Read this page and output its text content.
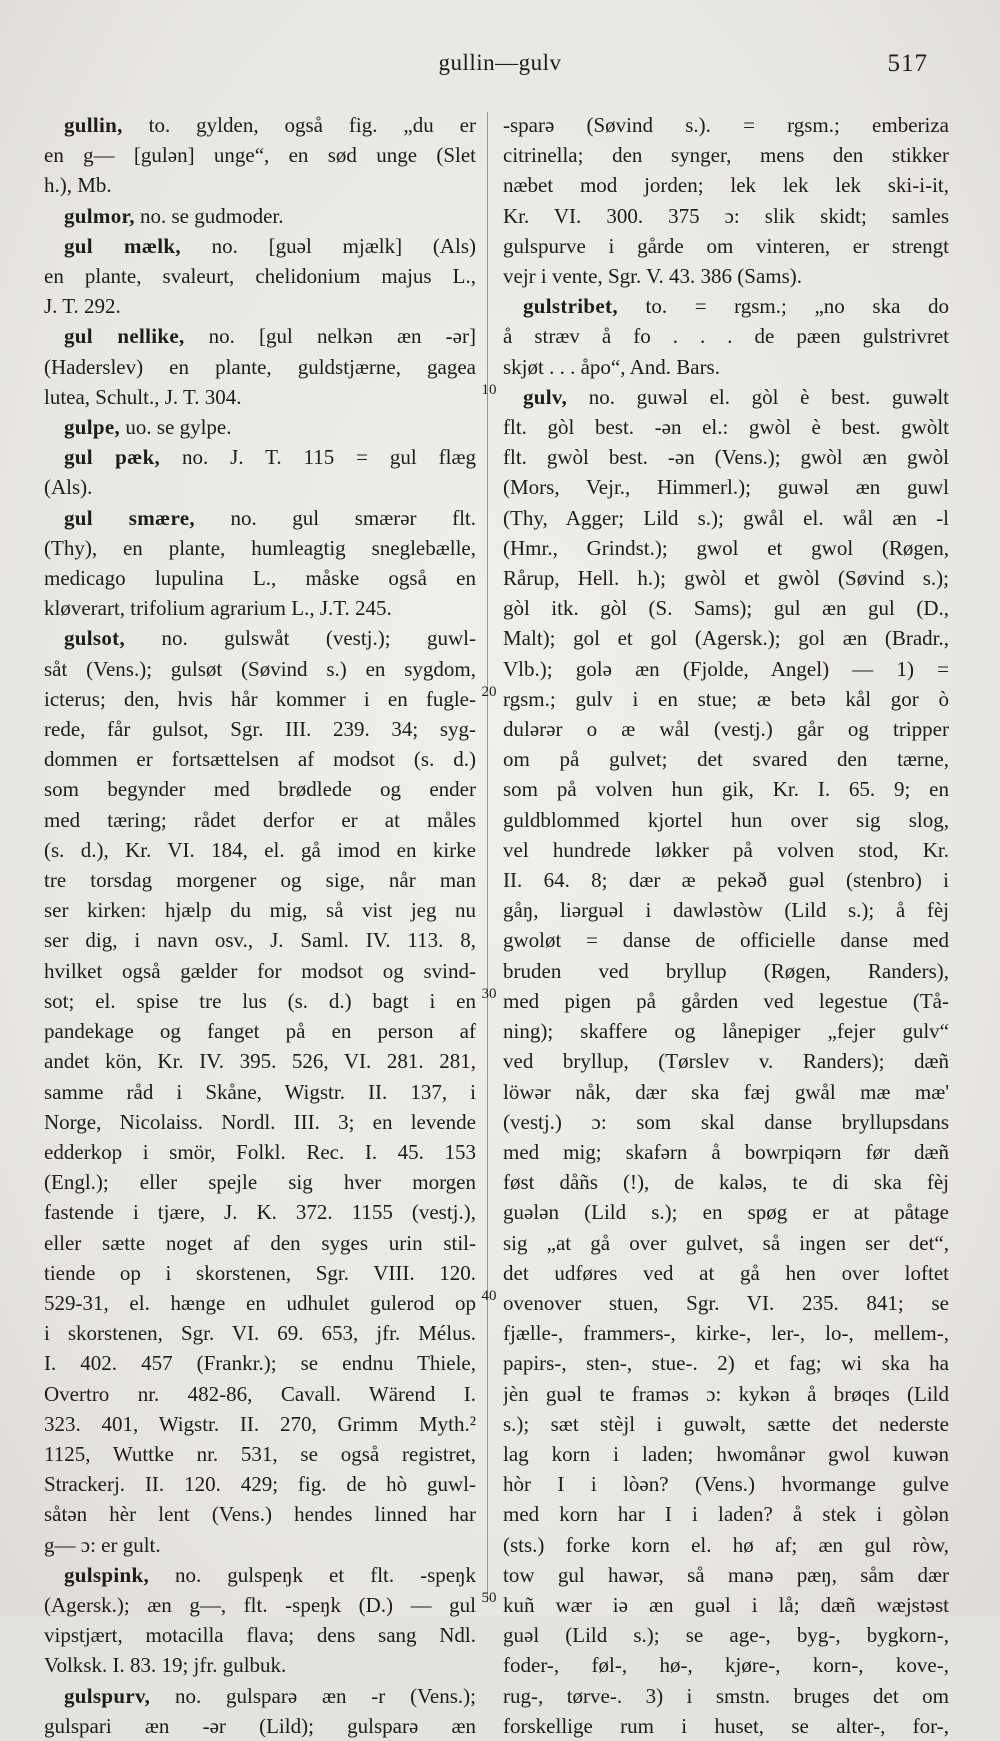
gullin—gulv	517
gullin, to. gylden, også fig. „du er
en g— [gulən] unge“, en sød unge (Slet
h.), Mb.
gulmor, no. se gudmoder.
gul mælk, no. [guəl mjælk] (Als)
en plante, svaleurt, chelidonium majus L.,
J. T. 292.
gul nellike, no. [gul nelkən æn -ər]
(Haderslev) en plante, guldstjærne, gagea
lutea, Schult., J. T. 304.
gulpe, uo. se gylpe.
gul pæk, no. J. T. 115 = gul flæg
(Als).
gul smære, no. gul smærər flt.
(Thy), en plante, humleagtig sneglebælle,
medicago lupulina L., måske også en
kløverart, trifolium agrarium L., J.T. 245.
gulsot, no. gulswåt (vestj.); guwl-
såt (Vens.); gulsøt (Søvind s.) en sygdom,
icterus; den, hvis hår kommer i en fugle-
rede, får gulsot, Sgr. III. 239. 34; syg-
dommen er fortsættelsen af modsot (s. d.)
som begynder med brødlede og ender
med tæring; rådet derfor er at måles
(s. d.), Kr. VI. 184, el. gå imod en kirke
tre torsdag morgener og sige, når man
ser kirken: hjælp du mig, så vist jeg nu
ser dig, i navn osv., J. Saml. IV. 113. 8,
hvilket også gælder for modsot og svind-
sot; el. spise tre lus (s. d.) bagt i en
pandekage og fanget på en person af
andet kön, Kr. IV. 395. 526, VI. 281. 281,
samme råd i Skåne, Wigstr. II. 137, i
Norge, Nicolaiss. Nordl. III. 3; en levende
edderkop i smör, Folkl. Rec. I. 45. 153
(Engl.); eller spejle sig hver morgen
fastende i tjære, J. K. 372. 1155 (vestj.),
eller sætte noget af den syges urin stil-
tiende op i skorstenen, Sgr. VIII. 120.
529-31, el. hænge en udhulet gulerod op
i skorstenen, Sgr. VI. 69. 653, jfr. Mélus.
I. 402. 457 (Frankr.); se endnu Thiele,
Overtro nr. 482-86, Cavall. Wärend I.
323. 401, Wigstr. II. 270, Grimm Myth.²
1125, Wuttke nr. 531, se også registret,
Strackerj. II. 120. 429; fig. de hò guwl-
såtən hèr lent (Vens.) hendes linned har
g— ɔ: er gult.
gulspink, no. gulspeŋk et flt. -speŋk
(Agersk.); æn g—, flt. -speŋk (D.) — gul
vipstjært, motacilla flava; dens sang Ndl.
Volksk. I. 83. 19; jfr. gulbuk.
gulspurv, no. gulsparə æn -r (Vens.);
gulspari æn -ər (Lild); gulsparə æn
-sparə (Søvind s.). = rgsm.; emberiza
citrinella; den synger, mens den stikker
næbet mod jorden; lek lek lek ski-i-it,
Kr. VI. 300. 375 ɔ: slik skidt; samles
gulspurve i gårde om vinteren, er strengt
vejr i vente, Sgr. V. 43. 386 (Sams).
gulstribet, to. = rgsm.; „no ska do
å stræv å fo . . . de pæen gulstrivret
skjøt . . . åpo“, And. Bars.
gulv, no. guwəl el. gòl è best. guwəlt
flt. gòl best. -ən el.: gwòl è best. gwòlt
flt. gwòl best. -ən (Vens.); gwòl æn gwòl
(Mors, Vejr., Himmerl.); guwəl æn guwl
(Thy, Agger; Lild s.); gwål el. wål æn -l
(Hmr., Grindst.); gwol et gwol (Røgen,
Rårup, Hell. h.); gwòl et gwòl (Søvind s.);
gòl itk. gòl (S. Sams); gul æn gul (D.,
Malt); gol et gol (Agersk.); gol æn (Bradr.,
Vlb.); golə æn (Fjolde, Angel) — 1) =
rgsm.; gulv i en stue; æ betə kål gor ò
dulərər o æ wål (vestj.) går og tripper
om på gulvet; det svared den tærne,
som på volven hun gik, Kr. I. 65. 9; en
guldblommed kjortel hun over sig slog,
vel hundrede løkker på volven stod, Kr.
II. 64. 8; dær æ pekəð guəl (stenbro) i
gåŋ, liərguəl i dawləstòw (Lild s.); å fèj
gwoløt = danse de officielle danse med
bruden ved bryllup (Røgen, Randers),
med pigen på gården ved legestue (Tå-
ning); skaffere og lånepiger „fejer gulv“
ved bryllup, (Tørslev v. Randers); dæñ
löwər nåk, dær ska fæj gwål mæ mæ'
(vestj.) ɔ: som skal danse bryllupsdans
med mig; skafərn å bowrpiqərn før dæñ
føst dåñs (!), de kaləs, te di ska fèj
guələn (Lild s.); en spøg er at påtage
sig „at gå over gulvet, så ingen ser det“,
det udføres ved at gå hen over loftet
ovenover stuen, Sgr. VI. 235. 841; se
fjælle-, frammers-, kirke-, ler-, lo-, mellem-,
papirs-, sten-, stue-. 2) et fag; wi ska ha
jèn guəl te framəs ɔ: kykən å brøqes (Lild
s.); sæt stèjl i guwəlt, sætte det nederste
lag korn i laden; hwomånər gwol kuwən
hòr I i lòən? (Vens.) hvormange gulve
med korn har I i laden? å stek i gòlən
(sts.) forke korn el. hø af; æn gul ròw,
tow gul hawər, så manə pæŋ, såm dær
kuñ wær iə æn guəl i lå; dæñ wæjstəst
guəl (Lild s.); se age-, byg-, bygkorn-,
foder-, føl-, hø-, kjøre-, korn-, kove-,
rug-, tørve-. 3) i smstn. bruges det om
forskellige rum i huset, se alter-, for-,
10
20
30
40
50
